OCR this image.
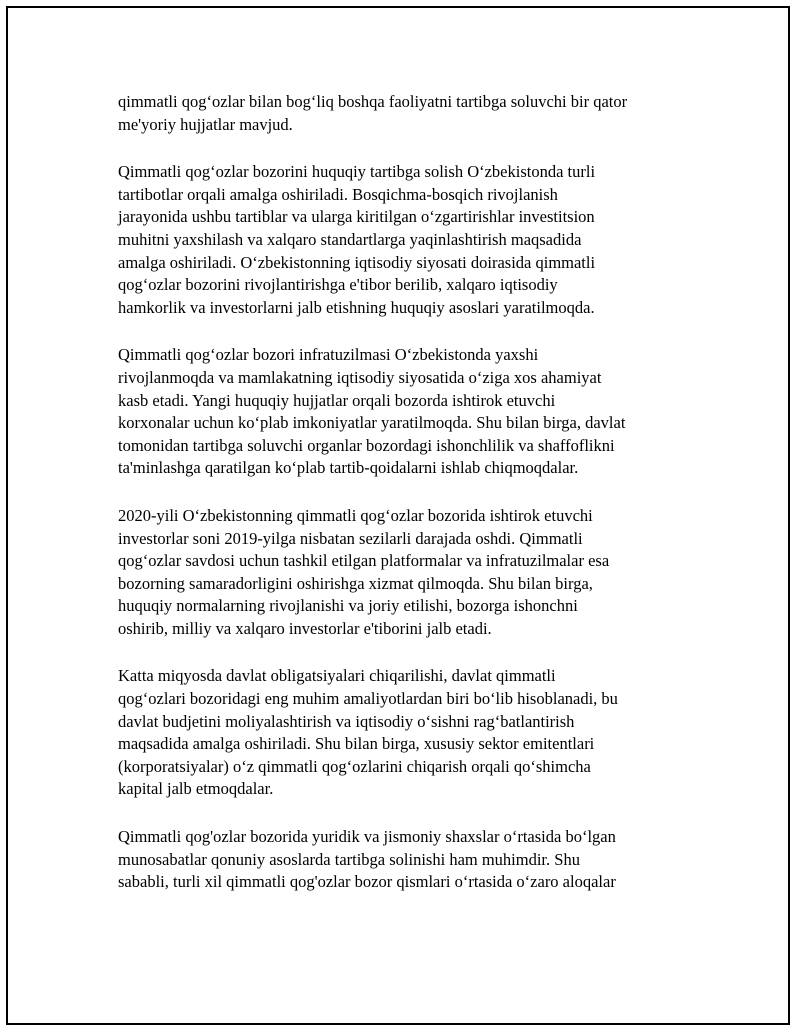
qimmatli qog‘ozlar bilan bog‘liq boshqa faoliyatni tartibga soluvchi bir qator
me'yoriy hujjatlar mavjud.

Qimmatli qog‘ozlar bozorini huquqiy tartibga solish O‘zbekistonda turli
tartibotlar orqali amalga oshiriladi. Bosqichma-bosqich rivojlanish
jarayonida ushbu tartiblar va ularga kiritilgan o‘zgartirishlar investitsion
muhitni yaxshilash va xalqaro standartlarga yaqinlashtirish maqsadida
amalga oshiriladi. O‘zbekistonning iqtisodiy siyosati doirasida qimmatli
qog‘ozlar bozorini rivojlantirishga e'tibor berilib, xalqaro iqtisodiy
hamkorlik va investorlarni jalb etishning huquqiy asoslari yaratilmoqda.

Qimmatli qog‘ozlar bozori infratuzilmasi O‘zbekistonda yaxshi
rivojlanmoqda va mamlakatning iqtisodiy siyosatida o‘ziga xos ahamiyat
kasb etadi. Yangi huquqiy hujjatlar orqali bozorda ishtirok etuvchi
korxonalar uchun ko‘plab imkoniyatlar yaratilmoqda. Shu bilan birga, davlat
tomonidan tartibga soluvchi organlar bozordagi ishonchlilik va shaffoflikni
ta'minlashga qaratilgan ko‘plab tartib-qoidalarni ishlab chiqmoqdalar.

2020-yili O‘zbekistonning qimmatli qog‘ozlar bozorida ishtirok etuvchi
investorlar soni 2019-yilga nisbatan sezilarli darajada oshdi. Qimmatli
qog‘ozlar savdosi uchun tashkil etilgan platformalar va infratuzilmalar esa
bozorning samaradorligini oshirishga xizmat qilmoqda. Shu bilan birga,
huquqiy normalarning rivojlanishi va joriy etilishi, bozorga ishonchni
oshirib, milliy va xalqaro investorlar e'tiborini jalb etadi.

Katta miqyosda davlat obligatsiyalari chiqarilishi, davlat qimmatli
qog‘ozlari bozoridagi eng muhim amaliyotlardan biri bo‘lib hisoblanadi, bu
davlat budjetini moliyalashtirish va iqtisodiy o‘sishni rag‘batlantirish
maqsadida amalga oshiriladi. Shu bilan birga, xususiy sektor emitentlari
(korporatsiyalar) o‘z qimmatli qog‘ozlarini chiqarish orqali qo‘shimcha
kapital jalb etmoqdalar.

Qimmatli qog'ozlar bozorida yuridik va jismoniy shaxslar o‘rtasida bo‘lgan
munosabatlar qonuniy asoslarda tartibga solinishi ham muhimdir. Shu
sababli, turli xil qimmatli qog'ozlar bozor qismlari o‘rtasida o‘zaro aloqalar
